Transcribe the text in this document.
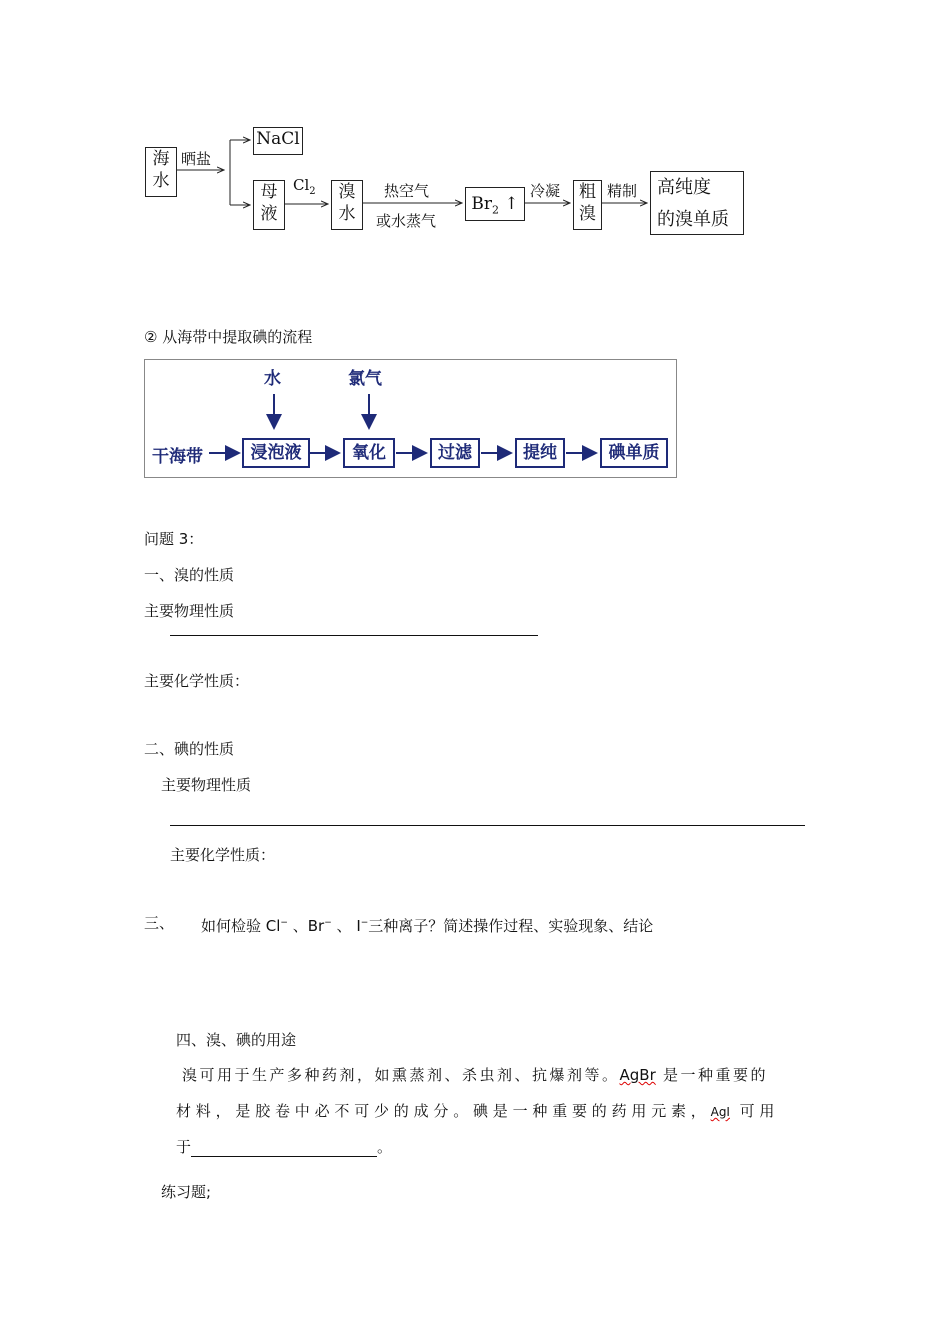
海
水
晒盐
NaCl
母
液
$Cl_2$	溴
水
热空气
或水蒸气
$Br_2$ ↑
冷凝	粗
溴
精制	高纯度
的溴单质
② 从海带中提取碘的流程
水	氯气
干海带	浸泡液	氧化	过滤	提纯	碘单质
问题 3：
一、溴的性质
主要物理性质
主要化学性质：
二、碘的性质
主要物理性质
主要化学性质：
三、 如何检验 Cl− 、Br− 、 I−三种离子？简述操作过程、实验现象、结论
四、溴、碘的用途
溴可用于生产多种药剂，如熏蒸剂、杀虫剂、抗爆剂等。AgBr 是一种重要的
材料，是胶卷中必不可少的成分。碘是一种重要的药用元素，AgI 可用
于	。
练习题;
